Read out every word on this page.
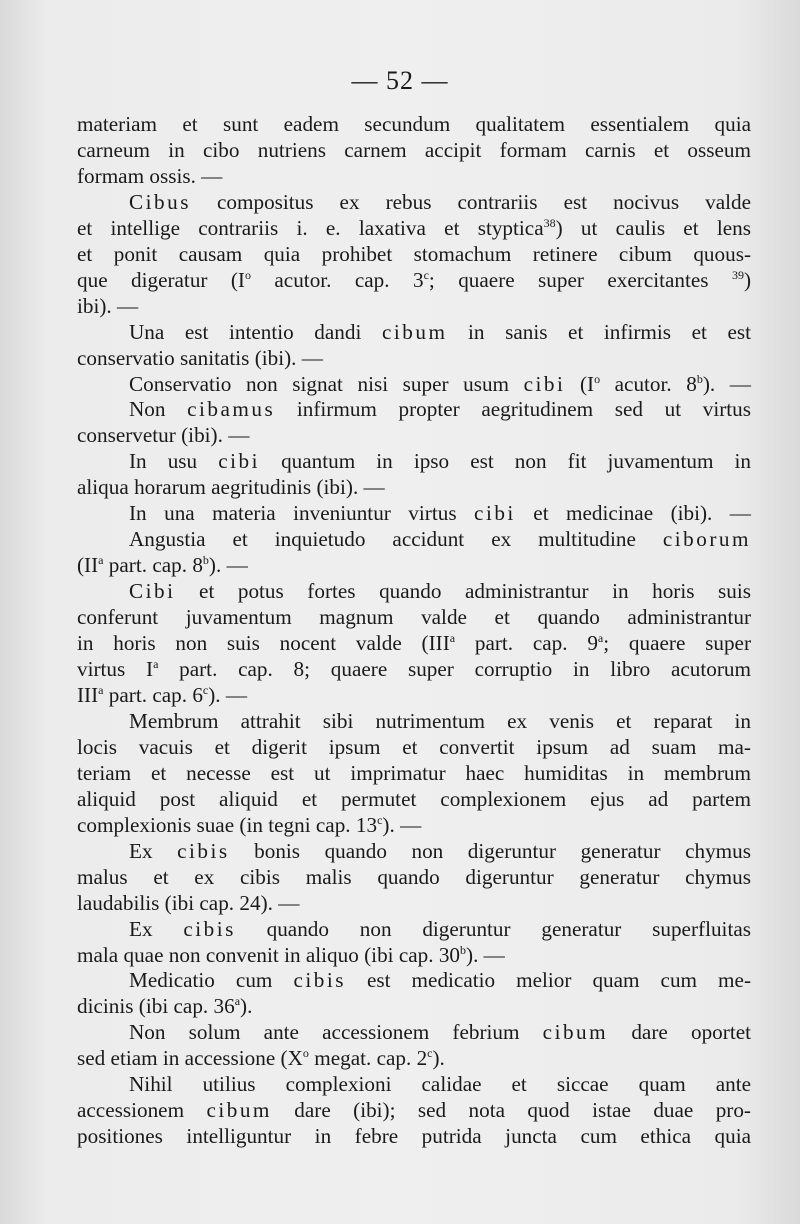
— 52 —
materiam et sunt eadem secundum qualitatem essentialem quia
carneum in cibo nutriens carnem accipit formam carnis et osseum
formam ossis. —
Cibus compositus ex rebus contrariis est nocivus valde
et intellige contrariis i. e. laxativa et styptica$^{38}$) ut caulis et lens
et ponit causam quia prohibet stomachum retinere cibum quous-
que digeratur ($I^o$ acutor. cap. 3$^c$; quaere super exercitantes $^{39}$)
ibi). —
Una est intentio dandi cibum in sanis et infirmis et est
conservatio sanitatis (ibi). —
Conservatio non signat nisi super usum cibi ($I^o$ acutor. 8$^b$). —
Non cibamus infirmum propter aegritudinem sed ut virtus
conservetur (ibi). —
In usu cibi quantum in ipso est non fit juvamentum in
aliqua horarum aegritudinis (ibi). —
In una materia inveniuntur virtus cibi et medicinae (ibi). —
Angustia et inquietudo accidunt ex multitudine ciborum
($II^a$ part. cap. 8$^b$). —
Cibi et potus fortes quando administrantur in horis suis
conferunt juvamentum magnum valde et quando administrantur
in horis non suis nocent valde (III$^a$ part. cap. 9$^a$; quaere super
virtus $I^a$ part. cap. 8; quaere super corruptio in libro acutorum
III$^a$ part. cap. 6$^c$). —
Membrum attrahit sibi nutrimentum ex venis et reparat in
locis vacuis et digerit ipsum et convertit ipsum ad suam ma-
teriam et necesse est ut imprimatur haec humiditas in membrum
aliquid post aliquid et permutet complexionem ejus ad partem
complexionis suae (in tegni cap. 13$^c$). —
Ex cibis bonis quando non digeruntur generatur chymus
malus et ex cibis malis quando digeruntur generatur chymus
laudabilis (ibi cap. 24). —
Ex cibis quando non digeruntur generatur superfluitas
mala quae non convenit in aliquo (ibi cap. 30$^b$). —
Medicatio cum cibis est medicatio melior quam cum me-
dicinis (ibi cap. 36$^a$).
Non solum ante accessionem febrium cibum dare oportet
sed etiam in accessione ($X^o$ megat. cap. 2$^c$).
Nihil utilius complexioni calidae et siccae quam ante
accessionem cibum dare (ibi); sed nota quod istae duae pro-
positiones intelliguntur in febre putrida juncta cum ethica quia
